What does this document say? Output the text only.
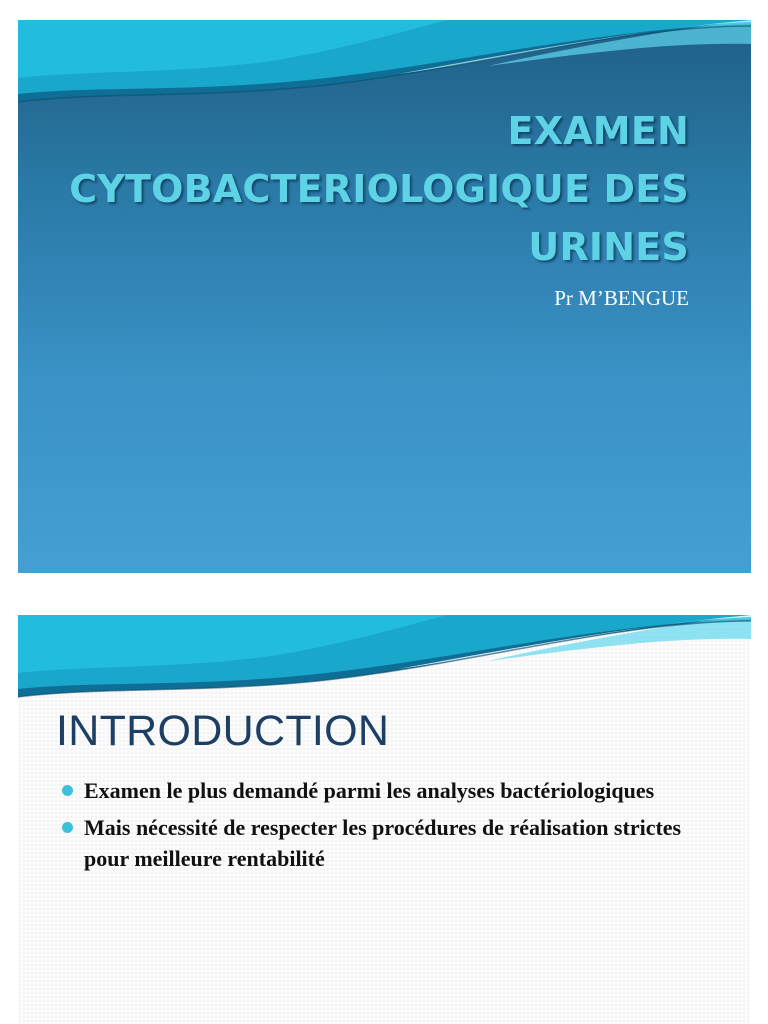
EXAMEN
CYTOBACTERIOLOGIQUE DES
URINES
Pr M’BENGUE
INTRODUCTION
Examen le plus demandé parmi les analyses bactériologiques
Mais nécessité de respecter les procédures de réalisation strictes pour meilleure rentabilité
